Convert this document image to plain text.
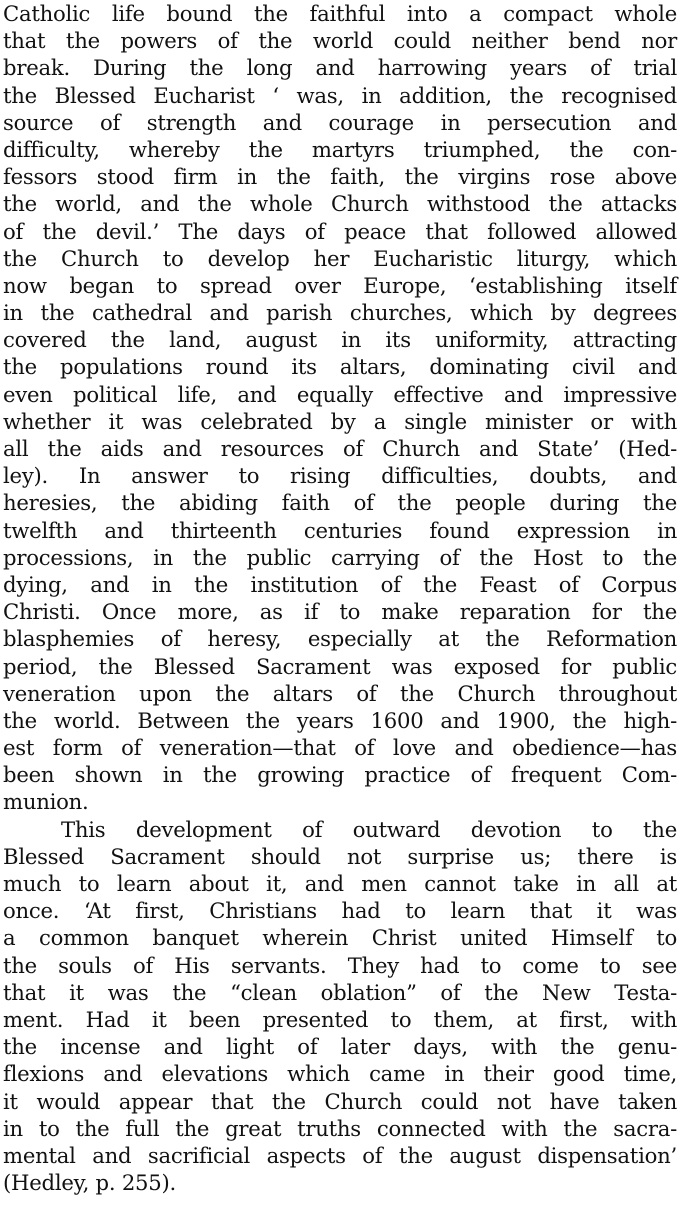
Catholic life bound the faithful into a compact whole
that the powers of the world could neither bend nor
break. During the long and harrowing years of trial
the Blessed Eucharist ‘ was, in addition, the recognised
source of strength and courage in persecution and
difficulty, whereby the martyrs triumphed, the con-
fessors stood firm in the faith, the virgins rose above
the world, and the whole Church withstood the attacks
of the devil.’ The days of peace that followed allowed
the Church to develop her Eucharistic liturgy, which
now began to spread over Europe, ‘establishing itself
in the cathedral and parish churches, which by degrees
covered the land, august in its uniformity, attracting
the populations round its altars, dominating civil and
even political life, and equally effective and impressive
whether it was celebrated by a single minister or with
all the aids and resources of Church and State’ (Hed-
ley). In answer to rising difficulties, doubts, and
heresies, the abiding faith of the people during the
twelfth and thirteenth centuries found expression in
processions, in the public carrying of the Host to the
dying, and in the institution of the Feast of Corpus
Christi. Once more, as if to make reparation for the
blasphemies of heresy, especially at the Reformation
period, the Blessed Sacrament was exposed for public
veneration upon the altars of the Church throughout
the world. Between the years 1600 and 1900, the high-
est form of veneration—that of love and obedience—has
been shown in the growing practice of frequent Com-
munion.
This development of outward devotion to the
Blessed Sacrament should not surprise us; there is
much to learn about it, and men cannot take in all at
once. ‘At first, Christians had to learn that it was
a common banquet wherein Christ united Himself to
the souls of His servants. They had to come to see
that it was the “clean oblation” of the New Testa-
ment. Had it been presented to them, at first, with
the incense and light of later days, with the genu-
flexions and elevations which came in their good time,
it would appear that the Church could not have taken
in to the full the great truths connected with the sacra-
mental and sacrificial aspects of the august dispensation’
(Hedley, p. 255).
